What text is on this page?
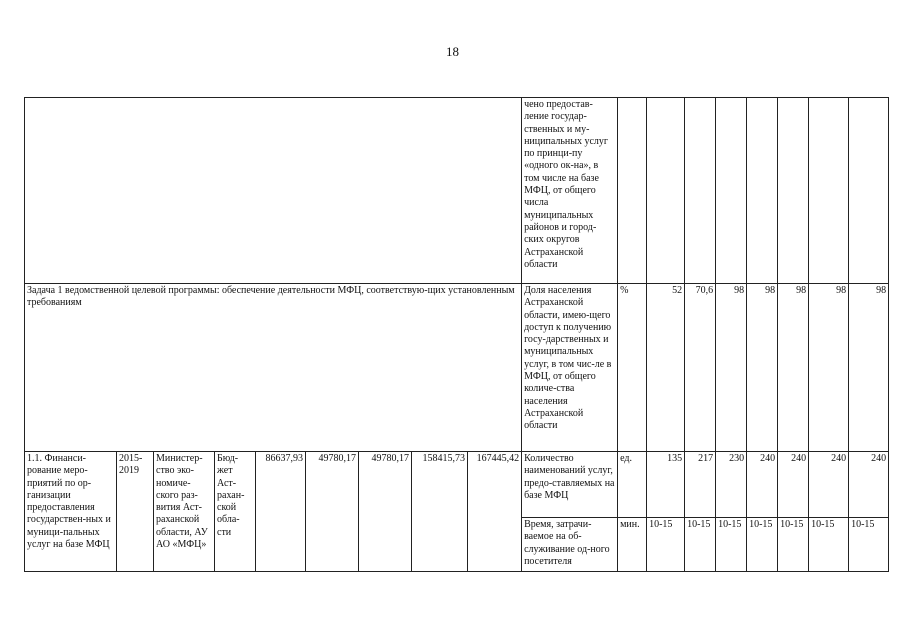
18
									чено предостав-ление государ-ственных и му-ниципальных услуг по принци-пу «одного ок-на», в том числе на базе МФЦ, от общего числа муниципальных районов и город-ских округов Астраханской области								
Задача 1 ведомственной целевой программы: обеспечение деятельности МФЦ, соответствую-щих установленным требованиям									Доля населения Астраханской области, имею-щего доступ к получению госу-дарственных и муниципальных услуг, в том чис-ле в МФЦ, от общего количе-ства населения Астраханской области	%	52	70,6	98	98	98	98	98
1.1. Финанси-рование меро-приятий по ор-ганизации предоставления государствен-ных и муници-пальных услуг на базе МФЦ	2015-2019	Министер-ство эко-номиче-ского раз-вития Аст-раханской области, АУ АО «МФЦ»	Бюд-жет Аст-рахан-ской обла-сти	86637,93	49780,17	49780,17	158415,73	167445,42	Количество наименований услуг, предо-ставляемых на базе МФЦ	ед.	135	217	230	240	240	240	240
									Время, затрачи-ваемое на об-служивание од-ного посетителя	мин.	10-15	10-15	10-15	10-15	10-15	10-15	10-15
